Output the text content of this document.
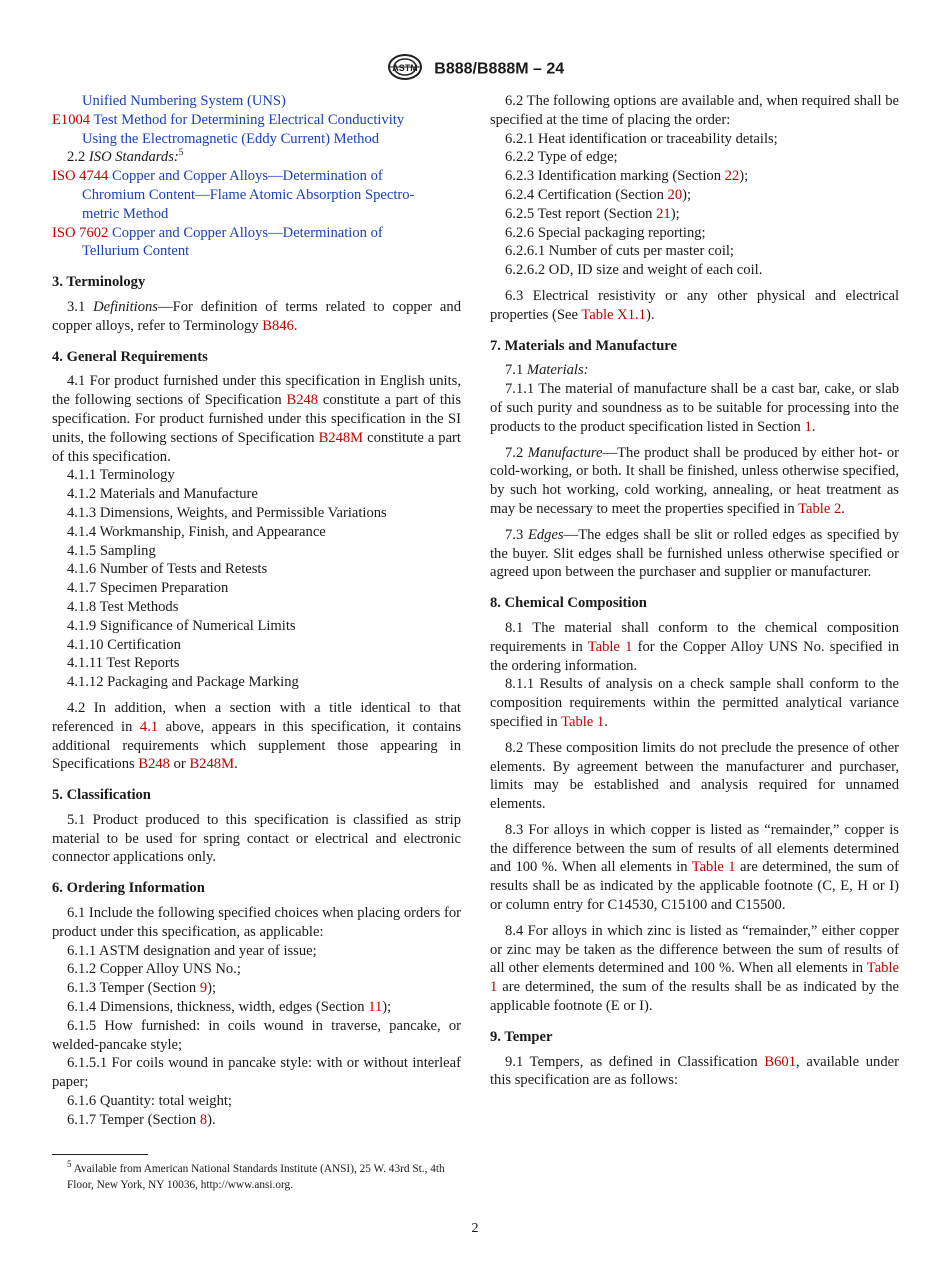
ASTM B888/B888M – 24

Unified Numbering System (UNS)

E1004 Test Method for Determining Electrical Conductivity
Using the Electromagnetic (Eddy Current) Method

2.2 ISO Standards:$^5$

ISO 4744 Copper and Copper Alloys—Determination of
Chromium Content—Flame Atomic Absorption Spectro-
metric Method

ISO 7602 Copper and Copper Alloys—Determination of
Tellurium Content

3. Terminology

3.1 Definitions—For definition of terms related to copper and copper alloys, refer to Terminology B846.

4. General Requirements

4.1 For product furnished under this specification in English units, the following sections of Specification B248 constitute a part of this specification. For product furnished under this specification in the SI units, the following sections of Specification B248M constitute a part of this specification.

4.1.1 Terminology

4.1.2 Materials and Manufacture

4.1.3 Dimensions, Weights, and Permissible Variations

4.1.4 Workmanship, Finish, and Appearance

4.1.5 Sampling

4.1.6 Number of Tests and Retests

4.1.7 Specimen Preparation

4.1.8 Test Methods

4.1.9 Significance of Numerical Limits

4.1.10 Certification

4.1.11 Test Reports

4.1.12 Packaging and Package Marking

4.2 In addition, when a section with a title identical to that referenced in 4.1 above, appears in this specification, it contains additional requirements which supplement those appearing in Specifications B248 or B248M.

5. Classification

5.1 Product produced to this specification is classified as strip material to be used for spring contact or electrical and electronic connector applications only.

6. Ordering Information

6.1 Include the following specified choices when placing orders for product under this specification, as applicable:

6.1.1 ASTM designation and year of issue;

6.1.2 Copper Alloy UNS No.;

6.1.3 Temper (Section 9);

6.1.4 Dimensions, thickness, width, edges (Section 11);

6.1.5 How furnished: in coils wound in traverse, pancake, or welded-pancake style;

6.1.5.1 For coils wound in pancake style: with or without interleaf paper;

6.1.6 Quantity: total weight;

6.1.7 Temper (Section 8).

$^5$ Available from American National Standards Institute (ANSI), 25 W. 43rd St., 4th Floor, New York, NY 10036, http://www.ansi.org.

6.2 The following options are available and, when required shall be specified at the time of placing the order:

6.2.1 Heat identification or traceability details;

6.2.2 Type of edge;

6.2.3 Identification marking (Section 22);

6.2.4 Certification (Section 20);

6.2.5 Test report (Section 21);

6.2.6 Special packaging reporting;

6.2.6.1 Number of cuts per master coil;

6.2.6.2 OD, ID size and weight of each coil.

6.3 Electrical resistivity or any other physical and electrical properties (See Table X1.1).

7. Materials and Manufacture

7.1 Materials:

7.1.1 The material of manufacture shall be a cast bar, cake, or slab of such purity and soundness as to be suitable for processing into the products to the product specification listed in Section 1.

7.2 Manufacture—The product shall be produced by either hot- or cold-working, or both. It shall be finished, unless otherwise specified, by such hot working, cold working, annealing, or heat treatment as may be necessary to meet the properties specified in Table 2.

7.3 Edges—The edges shall be slit or rolled edges as specified by the buyer. Slit edges shall be furnished unless otherwise specified or agreed upon between the purchaser and supplier or manufacturer.

8. Chemical Composition

8.1 The material shall conform to the chemical composition requirements in Table 1 for the Copper Alloy UNS No. specified in the ordering information.

8.1.1 Results of analysis on a check sample shall conform to the composition requirements within the permitted analytical variance specified in Table 1.

8.2 These composition limits do not preclude the presence of other elements. By agreement between the manufacturer and purchaser, limits may be established and analysis required for unnamed elements.

8.3 For alloys in which copper is listed as “remainder,” copper is the difference between the sum of results of all elements determined and 100 %. When all elements in Table 1 are determined, the sum of results shall be as indicated by the applicable footnote (C, E, H or I) or column entry for C14530, C15100 and C15500.

8.4 For alloys in which zinc is listed as “remainder,” either copper or zinc may be taken as the difference between the sum of results of all other elements determined and 100 %. When all elements in Table 1 are determined, the sum of the results shall be as indicated by the applicable footnote (E or I).

9. Temper

9.1 Tempers, as defined in Classification B601, available under this specification are as follows:

2
